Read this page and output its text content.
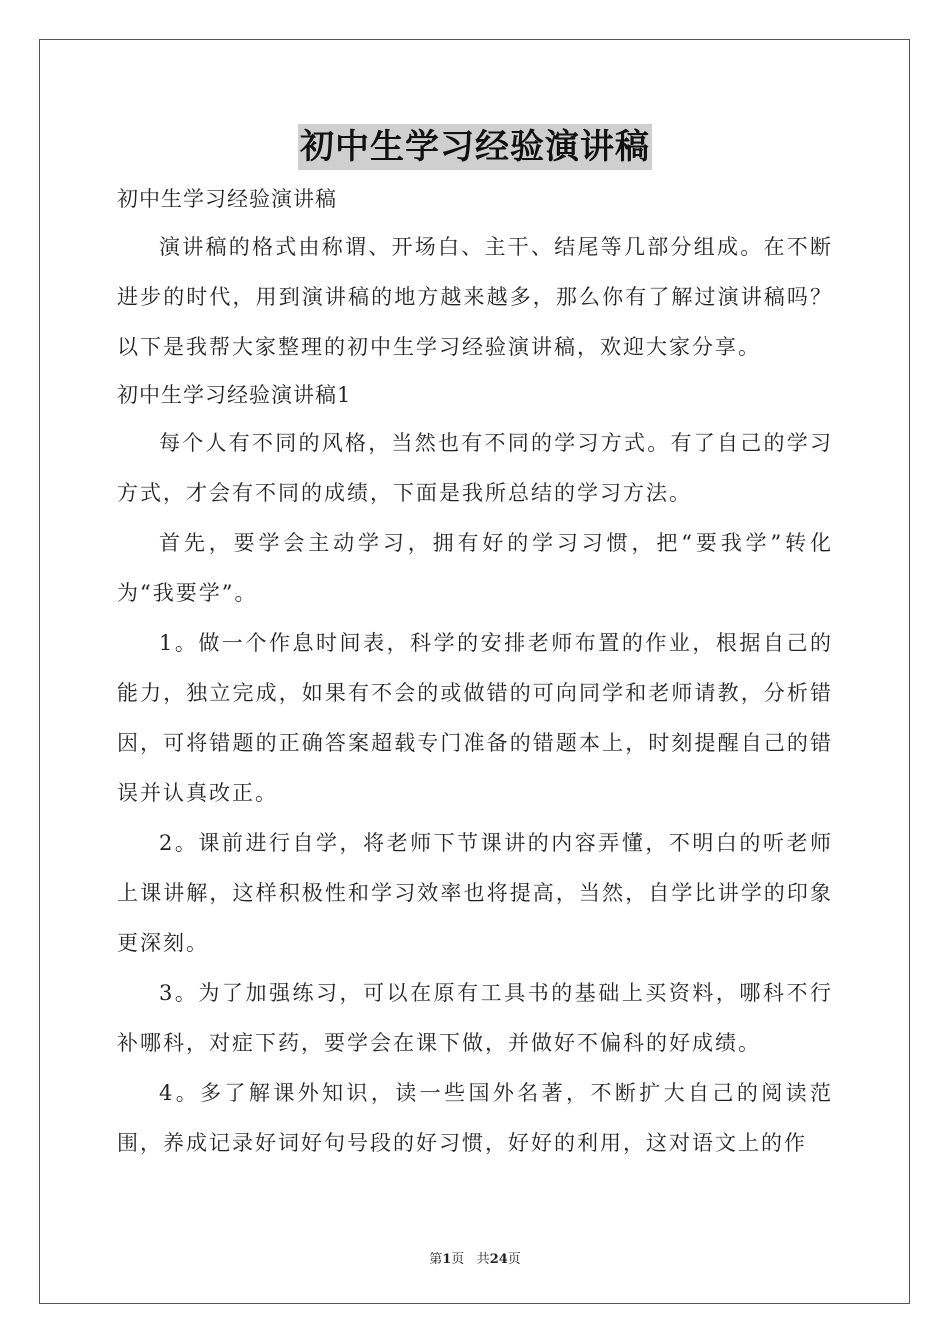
初中生学习经验演讲稿

初中生学习经验演讲稿

演讲稿的格式由称谓、开场白、主干、结尾等几部分组成。在不断进步的时代，用到演讲稿的地方越来越多，那么你有了解过演讲稿吗？以下是我帮大家整理的初中生学习经验演讲稿，欢迎大家分享。

初中生学习经验演讲稿1

每个人有不同的风格，当然也有不同的学习方式。有了自己的学习方式，才会有不同的成绩，下面是我所总结的学习方法。

首先，要学会主动学习，拥有好的学习习惯，把“要我学”转化为“我要学”。

1。做一个作息时间表，科学的安排老师布置的作业，根据自己的能力，独立完成，如果有不会的或做错的可向同学和老师请教，分析错因，可将错题的正确答案超载专门准备的错题本上，时刻提醒自己的错误并认真改正。

2。课前进行自学，将老师下节课讲的内容弄懂，不明白的听老师上课讲解，这样积极性和学习效率也将提高，当然，自学比讲学的印象更深刻。

3。为了加强练习，可以在原有工具书的基础上买资料，哪科不行补哪科，对症下药，要学会在课下做，并做好不偏科的好成绩。

4。多了解课外知识，读一些国外名著，不断扩大自己的阅读范围，养成记录好词好句号段的好习惯，好好的利用，这对语文上的作

第1页 共24页
